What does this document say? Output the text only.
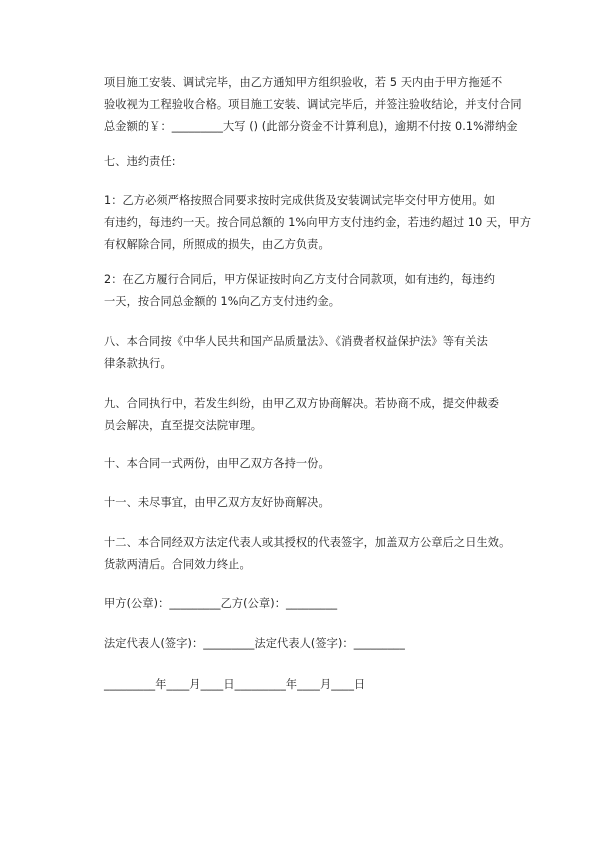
项目施工安装、调试完毕，由乙方通知甲方组织验收，若 5 天内由于甲方拖延不
验收视为工程验收合格。项目施工安装、调试完毕后，并签注验收结论，并支付合同
总金额的￥：_________大写 () (此部分资金不计算利息)，逾期不付按 0.1%滞纳金
七、违约责任:
1：乙方必须严格按照合同要求按时完成供货及安装调试完毕交付甲方使用。如
有违约，每违约一天。按合同总额的 1%向甲方支付违约金，若违约超过 10 天，甲方
有权解除合同，所照成的损失，由乙方负责。
2：在乙方履行合同后，甲方保证按时向乙方支付合同款项，如有违约，每违约
一天，按合同总金额的 1%向乙方支付违约金。
八、本合同按《中华人民共和国产品质量法》、《消费者权益保护法》等有关法
律条款执行。
九、合同执行中，若发生纠纷，由甲乙双方协商解决。若协商不成，提交仲裁委
员会解决，直至提交法院审理。
十、本合同一式两份，由甲乙双方各持一份。
十一、未尽事宜，由甲乙双方友好协商解决。
十二、本合同经双方法定代表人或其授权的代表签字，加盖双方公章后之日生效。
货款两清后。合同效力终止。
甲方(公章)：_________乙方(公章)：_________
法定代表人(签字)：_________法定代表人(签字)：_________
_________年____月____日_________年____月____日
